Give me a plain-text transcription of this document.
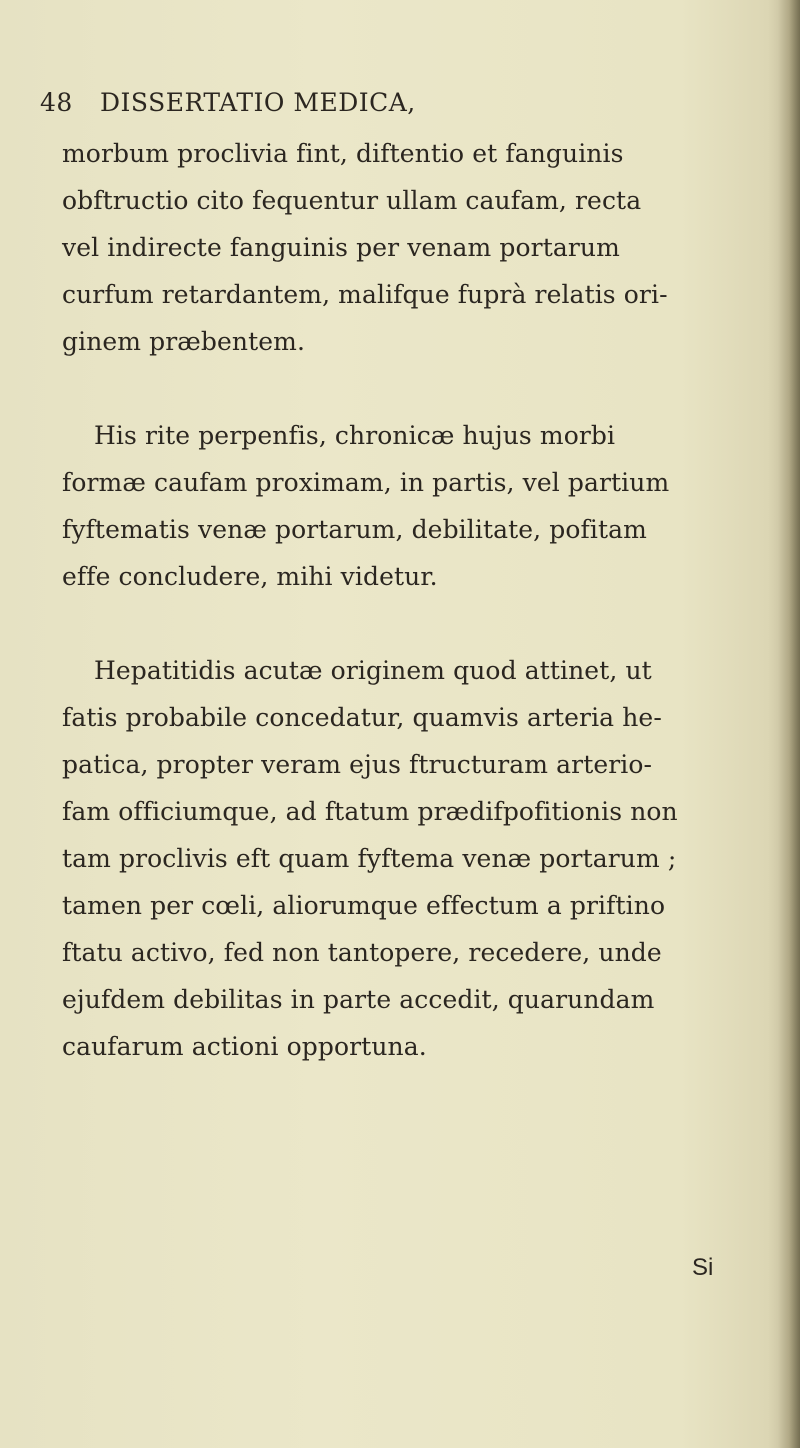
48 DISSERTATIO MEDICA,
morbum proclivia fint, diftentio et fanguinis
obftructio cito fequentur ullam caufam, recta
vel indirecte fanguinis per venam portarum
curfum retardantem, malifque fuprà relatis ori-
ginem præbentem.
His rite perpenfis, chronicæ hujus morbi
formæ caufam proximam, in partis, vel partium
fyftematis venæ portarum, debilitate, pofitam
effe concludere, mihi videtur.
Hepatitidis acutæ originem quod attinet, ut
fatis probabile concedatur, quamvis arteria he-
patica, propter veram ejus ftructuram arterio-
fam officiumque, ad ftatum prædifpofitionis non
tam proclivis eft quam fyftema venæ portarum ;
tamen per cœli, aliorumque effectum a priftino
ftatu activo, fed non tantopere, recedere, unde
ejufdem debilitas in parte accedit, quarundam
caufarum actioni opportuna.
Si
